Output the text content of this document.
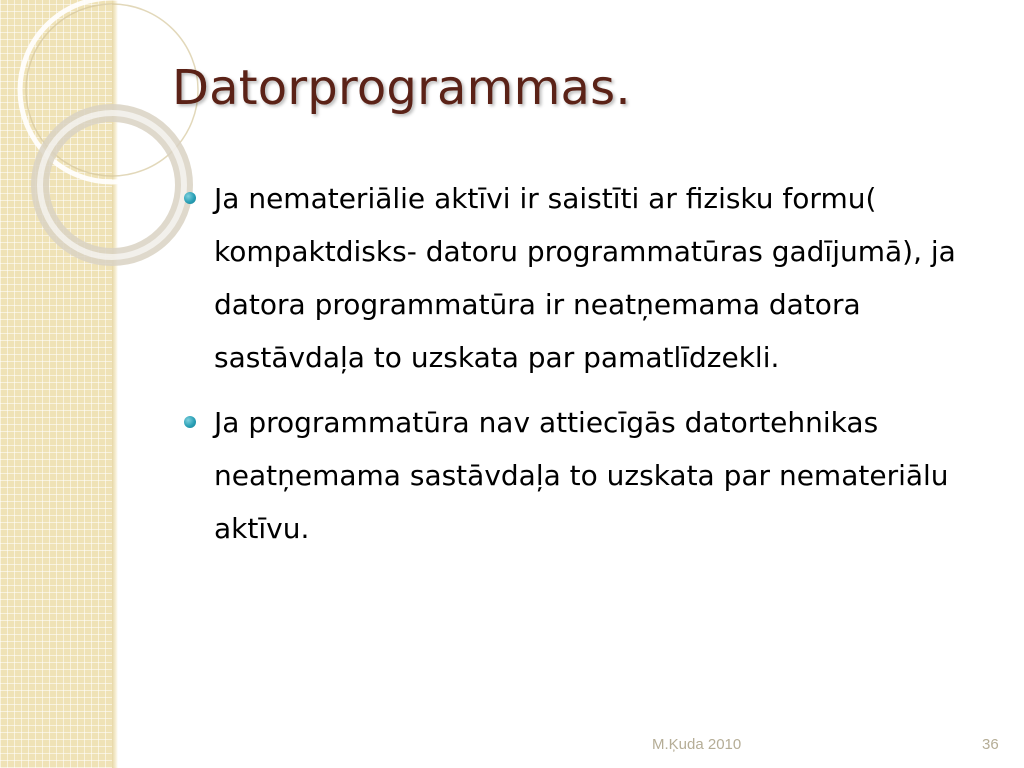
Datorprogrammas.
Ja nemateriālie aktīvi ir saistīti ar fizisku formu( kompaktdisks- datoru programmatūras gadījumā), ja datora programmatūra ir neatņemama datora sastāvdaļa to uzskata par pamatlīdzekli.
Ja programmatūra nav attiecīgās datortehnikas neatņemama sastāvdaļa to uzskata par nemateriālu aktīvu.
M.Ķuda 2010	36
